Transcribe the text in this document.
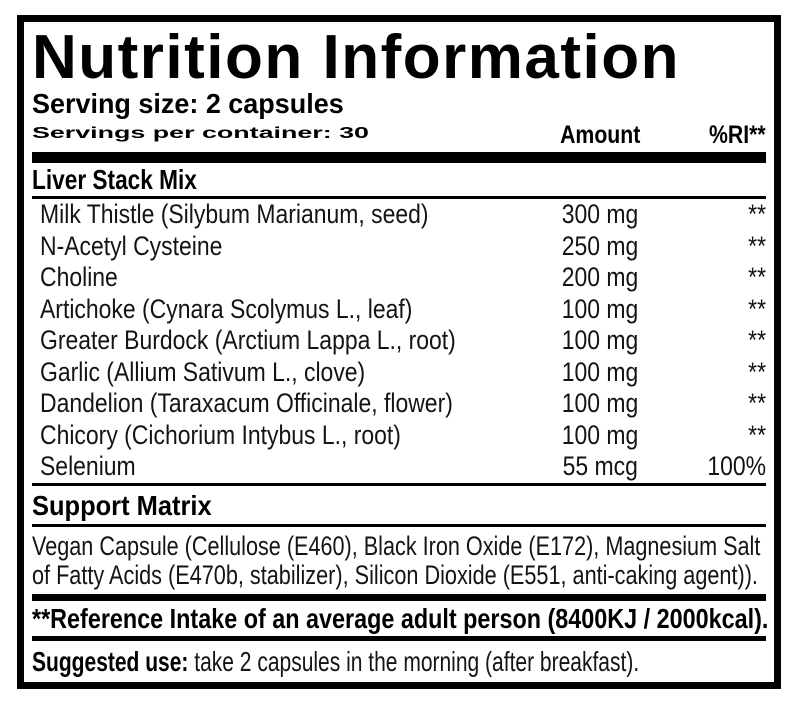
Nutrition Information
Serving size: 2 capsules
Servings per container: 30	Amount	%RI**
Liver Stack Mix
Milk Thistle (Silybum Marianum, seed)	300 mg	**
N-Acetyl Cysteine	250 mg	**
Choline	200 mg	**
Artichoke (Cynara Scolymus L., leaf)	100 mg	**
Greater Burdock (Arctium Lappa L., root)	100 mg	**
Garlic (Allium Sativum L., clove)	100 mg	**
Dandelion (Taraxacum Officinale, flower)	100 mg	**
Chicory (Cichorium Intybus L., root)	100 mg	**
Selenium	55 mcg	100%
Support Matrix
Vegan Capsule (Cellulose (E460), Black Iron Oxide (E172), Magnesium Salt
of Fatty Acids (E470b, stabilizer), Silicon Dioxide (E551, anti-caking agent)).
**Reference Intake of an average adult person (8400KJ / 2000kcal).
Suggested use: take 2 capsules in the morning (after breakfast).
